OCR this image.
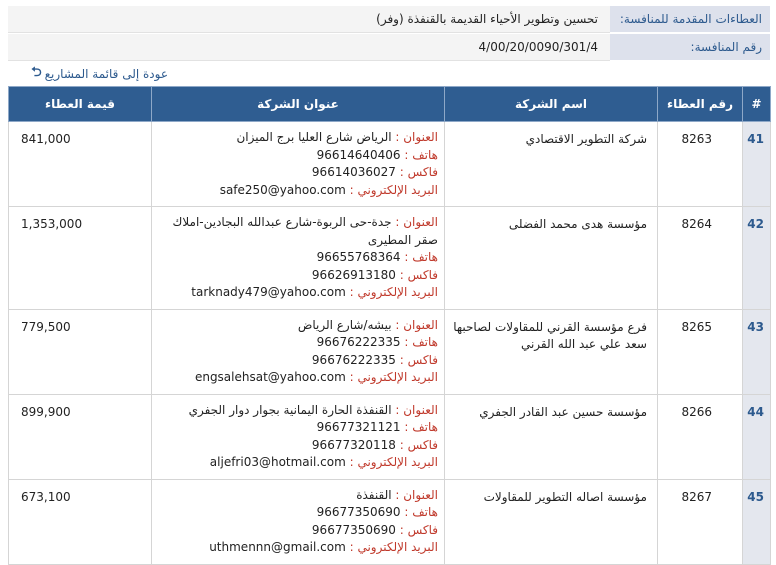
العطاءات المقدمة للمنافسة:
تحسين وتطوير الأحياء القديمة بالقنفذة (وفر)
رقم المنافسة:
4/00/20/0090/301/4
عودة إلى قائمة المشاريع
⮌
#	رقم العطاء	اسم الشركة	عنوان الشركة	قيمة العطاء
41	8263	شركة التطوير الاقتصادي	العنوان : الرياض شارع العليا برج الميزان
هاتف : 96614640406
فاكس : 96614036027
البريد الإلكتروني : safe250@yahoo.com	841,000
42	8264	مؤسسة هدى محمد الفضلى	العنوان : جدة-حى الربوة-شارع عبدالله البجادين-املاك صقر المطيرى
هاتف : 96655768364
فاكس : 96626913180
البريد الإلكتروني : tarknady479@yahoo.com	1,353,000
43	8265	فرع مؤسسة القرني للمقاولات لصاحبها سعد علي عبد الله القرني	العنوان : بيشه/شارع الرياض
هاتف : 96676222335
فاكس : 96676222335
البريد الإلكتروني : engsalehsat@yahoo.com	779,500
44	8266	مؤسسة حسين عبد القادر الجفري	العنوان : القنفذة الحارة اليمانية بجوار دوار الجفري
هاتف : 96677321121
فاكس : 96677320118
البريد الإلكتروني : aljefri03@hotmail.com	899,900
45	8267	مؤسسة اصاله التطوير للمقاولات	العنوان : القنفذة
هاتف : 96677350690
فاكس : 96677350690
البريد الإلكتروني : uthmennn@gmail.com	673,100
